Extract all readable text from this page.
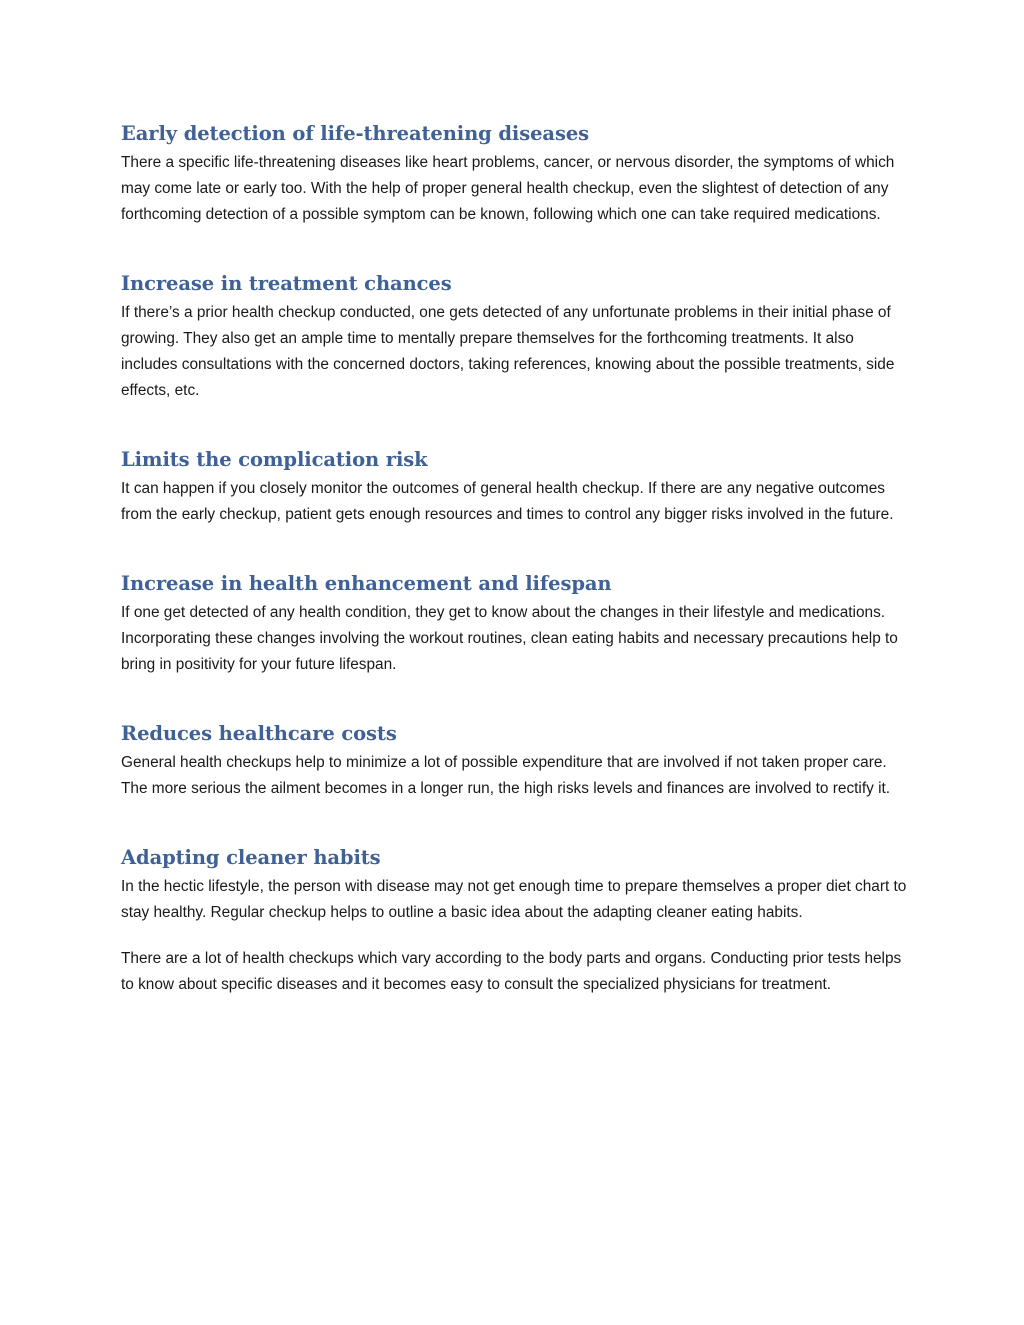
Early detection of life-threatening diseases

There a specific life-threatening diseases like heart problems, cancer, or nervous disorder, the symptoms of which may come late or early too. With the help of proper general health checkup, even the slightest of detection of any forthcoming detection of a possible symptom can be known, following which one can take required medications.

Increase in treatment chances

If there’s a prior health checkup conducted, one gets detected of any unfortunate problems in their initial phase of growing. They also get an ample time to mentally prepare themselves for the forthcoming treatments. It also includes consultations with the concerned doctors, taking references, knowing about the possible treatments, side effects, etc.

Limits the complication risk

It can happen if you closely monitor the outcomes of general health checkup. If there are any negative outcomes from the early checkup, patient gets enough resources and times to control any bigger risks involved in the future.

Increase in health enhancement and lifespan

If one get detected of any health condition, they get to know about the changes in their lifestyle and medications. Incorporating these changes involving the workout routines, clean eating habits and necessary precautions help to bring in positivity for your future lifespan.

Reduces healthcare costs

General health checkups help to minimize a lot of possible expenditure that are involved if not taken proper care. The more serious the ailment becomes in a longer run, the high risks levels and finances are involved to rectify it.

Adapting cleaner habits

In the hectic lifestyle, the person with disease may not get enough time to prepare themselves a proper diet chart to stay healthy. Regular checkup helps to outline a basic idea about the adapting cleaner eating habits.

There are a lot of health checkups which vary according to the body parts and organs. Conducting prior tests helps to know about specific diseases and it becomes easy to consult the specialized physicians for treatment.
